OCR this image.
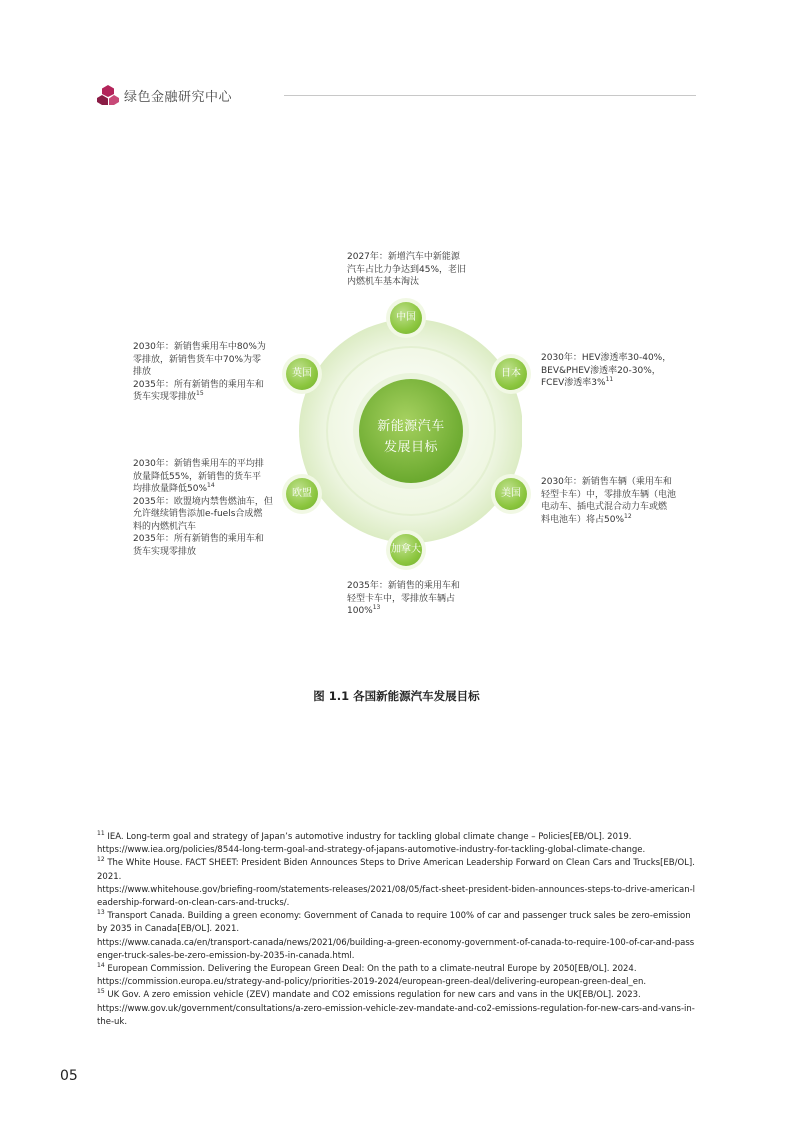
绿色金融研究中心
新能源汽车
发展目标
中国
日本
美国
加拿大
欧盟
英国
2027年：新增汽车中新能源
汽车占比力争达到45%，老旧
内燃机车基本淘汰
2030年：HEV渗透率30-40%，
BEV&PHEV渗透率20-30%，
FCEV渗透率3%$^{11}$
2030年：新销售车辆（乘用车和
轻型卡车）中，零排放车辆（电池
电动车、插电式混合动力车或燃
料电池车）将占50%$^{12}$
2035年：新销售的乘用车和
轻型卡车中，零排放车辆占
100%$^{13}$
2030年：新销售乘用车的平均排
放量降低55%，新销售的货车平
均排放量降低50%$^{14}$
2035年：欧盟境内禁售燃油车，但
允许继续销售添加e-fuels合成燃
料的内燃机汽车
2035年：所有新销售的乘用车和
货车实现零排放
2030年：新销售乘用车中80%为
零排放，新销售货车中70%为零
排放
2035年：所有新销售的乘用车和
货车实现零排放$^{15}$
图 1.1 各国新能源汽车发展目标

$^{11}$ IEA. Long-term goal and strategy of Japan’s automotive industry for tackling global climate change – Policies[EB/OL]. 2019.

https://www.iea.org/policies/8544-long-term-goal-and-strategy-of-japans-automotive-industry-for-tackling-global-climate-change.

$^{12}$ The White House. FACT SHEET: President Biden Announces Steps to Drive American Leadership Forward on Clean Cars and Trucks[EB/OL]. 2021.

https://www.whitehouse.gov/briefing-room/statements-releases/2021/08/05/fact-sheet-president-biden-announces-steps-to-drive-american-leadership-forward-on-clean-cars-and-trucks/.

$^{13}$ Transport Canada. Building a green economy: Government of Canada to require 100% of car and passenger truck sales be zero-emission by 2035 in Canada[EB/OL]. 2021.

https://www.canada.ca/en/transport-canada/news/2021/06/building-a-green-economy-government-of-canada-to-require-100-of-car-and-passenger-truck-sales-be-zero-emission-by-2035-in-canada.html.

$^{14}$ European Commission. Delivering the European Green Deal: On the path to a climate-neutral Europe by 2050[EB/OL]. 2024.

https://commission.europa.eu/strategy-and-policy/priorities-2019-2024/european-green-deal/delivering-european-green-deal_en.

$^{15}$ UK Gov. A zero emission vehicle (ZEV) mandate and CO2 emissions regulation for new cars and vans in the UK[EB/OL]. 2023.

https://www.gov.uk/government/consultations/a-zero-emission-vehicle-zev-mandate-and-co2-emissions-regulation-for-new-cars-and-vans-in-the-uk.

05
